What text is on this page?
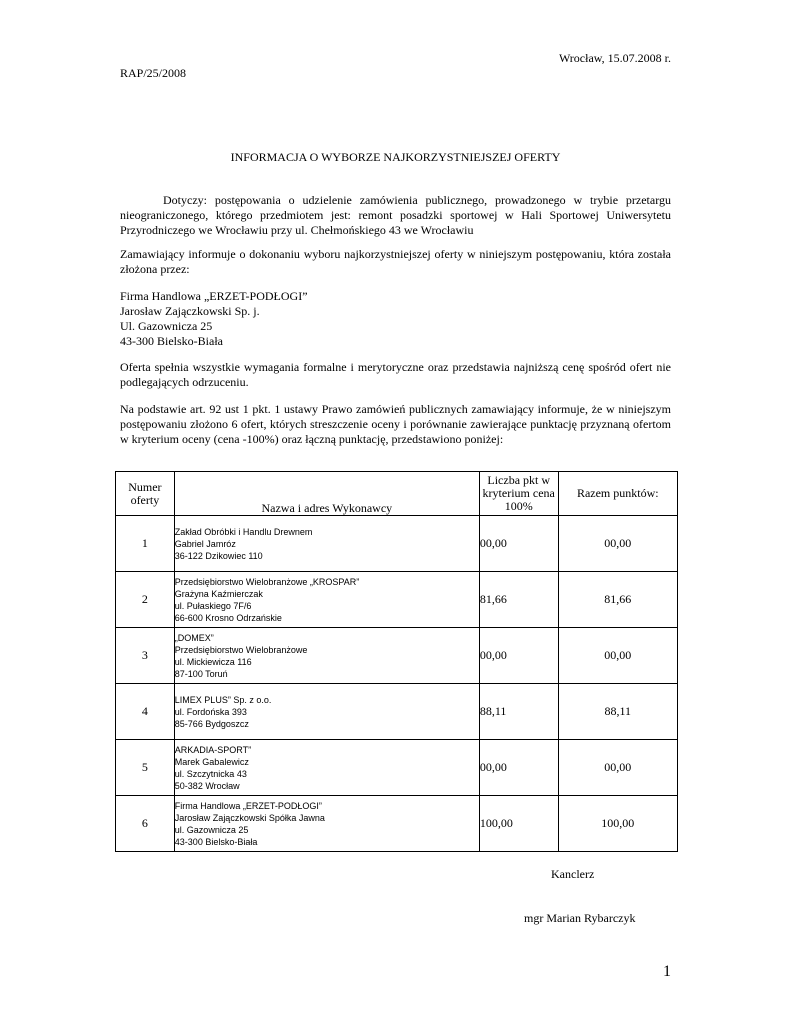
Wrocław, 15.07.2008 r.
RAP/25/2008
INFORMACJA O WYBORZE NAJKORZYSTNIEJSZEJ OFERTY
Dotyczy: postępowania o udzielenie zamówienia publicznego, prowadzonego w trybie przetargu nieograniczonego, którego przedmiotem jest: remont posadzki sportowej w Hali Sportowej Uniwersytetu Przyrodniczego we Wrocławiu przy ul. Chełmońskiego 43 we Wrocławiu
Zamawiający informuje o dokonaniu wyboru najkorzystniejszej oferty w niniejszym postępowaniu, która została złożona przez:
Firma Handlowa „ERZET-PODŁOGI”
Jarosław Zajączkowski Sp. j.
Ul. Gazownicza 25
43-300 Bielsko-Biała
Oferta spełnia wszystkie wymagania formalne i merytoryczne oraz przedstawia najniższą cenę spośród ofert nie podlegających odrzuceniu.
Na podstawie art. 92 ust 1 pkt. 1 ustawy Prawo zamówień publicznych zamawiający informuje, że w niniejszym postępowaniu złożono 6 ofert, których streszczenie oceny i porównanie zawierające punktację przyznaną ofertom w kryterium oceny (cena -100%) oraz łączną punktację, przedstawiono poniżej:
Numer oferty	Nazwa i adres Wykonawcy	Liczba pkt w kryterium cena 100%	Razem punktów:
1	Zakład Obróbki i Handlu Drewnem
Gabriel Jamróz
36-122 Dzikowiec 110	00,00	00,00
2	Przedsiębiorstwo Wielobranżowe „KROSPAR”
Grażyna Kaźmierczak
ul. Pułaskiego 7F/6
66-600 Krosno Odrzańskie	81,66	81,66
3	„DOMEX”
Przedsiębiorstwo Wielobranżowe
ul. Mickiewicza 116
87-100 Toruń	00,00	00,00
4	LIMEX PLUS” Sp. z o.o.
ul. Fordońska 393
85-766 Bydgoszcz	88,11	88,11
5	ARKADIA-SPORT”
Marek Gabalewicz
ul. Szczytnicka 43
50-382 Wrocław	00,00	00,00
6	Firma Handlowa „ERZET-PODŁOGI”
Jarosław Zajączkowski Spółka Jawna
ul. Gazownicza 25
43-300 Bielsko-Biała	100,00	100,00
Kanclerz
mgr Marian Rybarczyk
1
